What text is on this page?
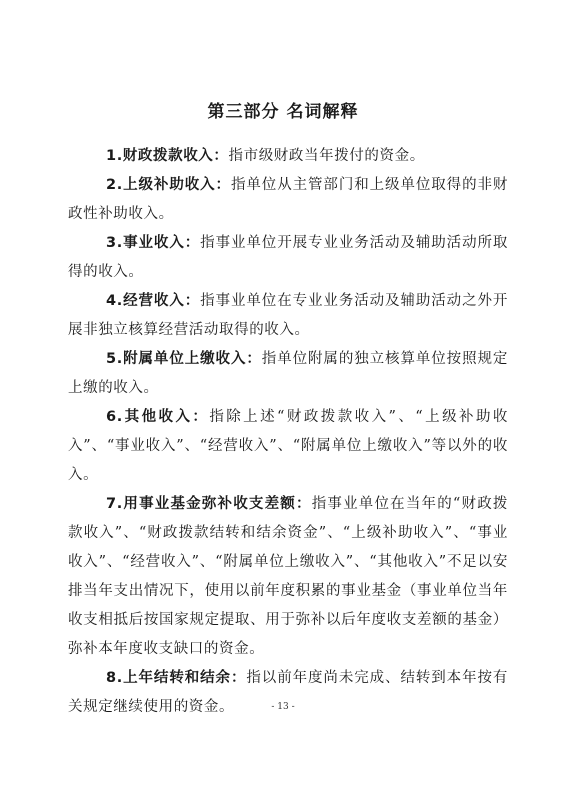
第三部分 名词解释

1.财政拨款收入：指市级财政当年拨付的资金。

2.上级补助收入：指单位从主管部门和上级单位取得的非财政性补助收入。

3.事业收入：指事业单位开展专业业务活动及辅助活动所取得的收入。

4.经营收入：指事业单位在专业业务活动及辅助活动之外开展非独立核算经营活动取得的收入。

5.附属单位上缴收入：指单位附属的独立核算单位按照规定上缴的收入。

6.其他收入：指除上述“财政拨款收入”、“上级补助收入”、“事业收入”、“经营收入”、“附属单位上缴收入”等以外的收入。

7.用事业基金弥补收支差额：指事业单位在当年的“财政拨款收入”、“财政拨款结转和结余资金”、“上级补助收入”、“事业收入”、“经营收入”、“附属单位上缴收入”、“其他收入”不足以安排当年支出情况下，使用以前年度积累的事业基金（事业单位当年收支相抵后按国家规定提取、用于弥补以后年度收支差额的基金）弥补本年度收支缺口的资金。

8.上年结转和结余：指以前年度尚未完成、结转到本年按有关规定继续使用的资金。	- 13 -
